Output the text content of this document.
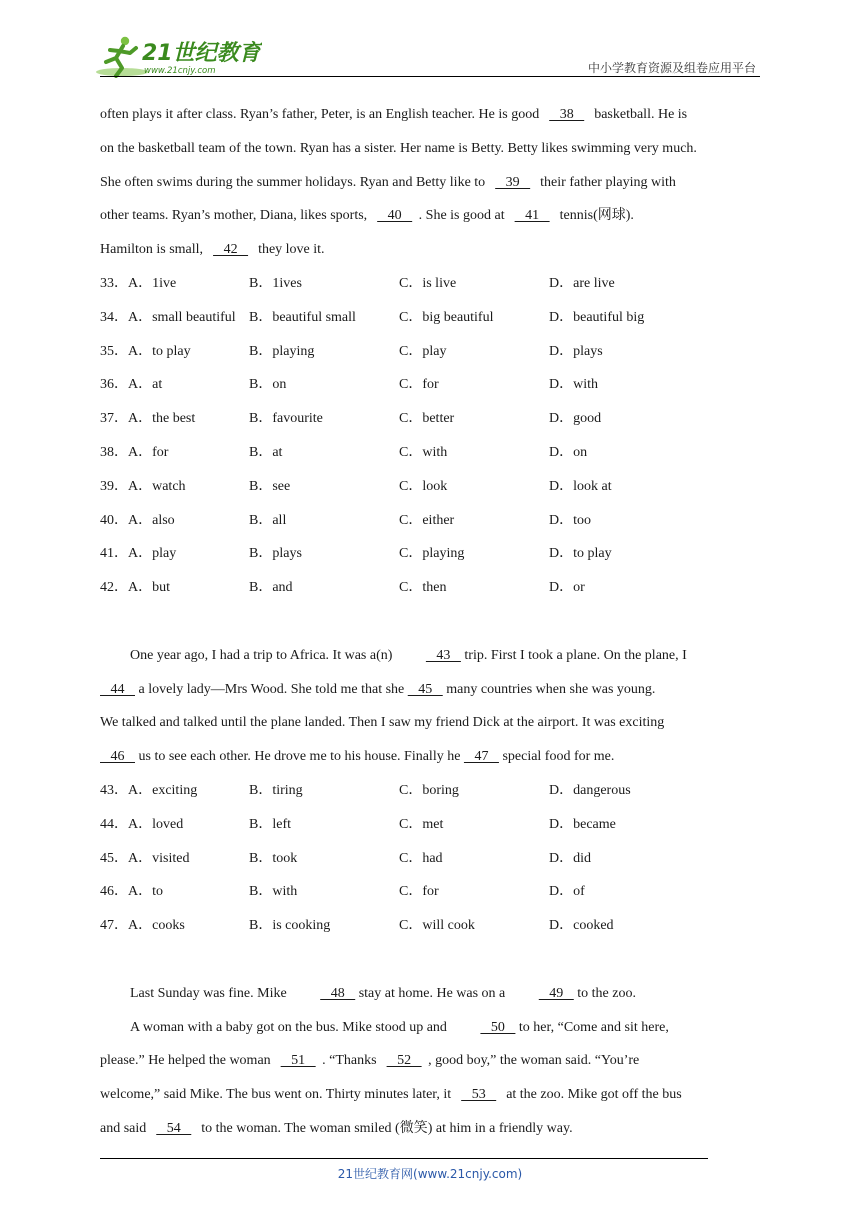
21世纪教育
www.21cnjy.com	中小学教育资源及组卷应用平台
often plays it after class. Ryan’s father, Peter, is an English teacher. He is good    38    basketball. He is
on the basketball team of the town. Ryan has a sister. Her name is Betty. Betty likes swimming very much.
She often swims during the summer holidays. Ryan and Betty like to    39    their father playing with
other teams. Ryan’s mother, Diana, likes sports,    40   . She is good at    41    tennis(网球).
Hamilton is small,    42    they love it.
33．A．1ive	B．1ives	C．is live	D．are live
34．A．small beautiful B．beautiful small	C．big beautiful	D．beautiful big
35．A．to play	B．playing	C．play	D．plays
36．A．at	B．on	C．for	D．with
37．A．the best	B．favourite	C．better	D．good
38．A．for	B．at	C．with	D．on
39．A．watch	B．see	C．look	D．look at
40．A．also	B．all	C．either	D．too
41．A．play	B．plays	C．playing	D．to play
42．A．but	B．and	C．then	D．or
One year ago, I had a trip to Africa. It was a(n)    43    trip. First I took a plane. On the plane, I
44    a lovely lady—Mrs Wood. She told me that she    45    many countries when she was young.
We talked and talked until the plane landed. Then I saw my friend Dick at the airport. It was exciting
46    us to see each other. He drove me to his house. Finally he    47    special food for me.
43．A．exciting	B．tiring	C．boring	D．dangerous
44．A．loved	B．left	C．met	D．became
45．A．visited	B．took	C．had	D．did
46．A．to	B．with	C．for	D．of
47．A．cooks	B．is cooking	C．will cook	D．cooked
Last Sunday was fine. Mike    48    stay at home. He was on a    49    to the zoo.
A woman with a baby got on the bus. Mike stood up and    50    to her, “Come and sit here,
please.” He helped the woman    51   . “Thanks    52   , good boy,” the woman said. “You’re
welcome,” said Mike. The bus went on. Thirty minutes later, it    53    at the zoo. Mike got off the bus
and said    54    to the woman. The woman smiled (微笑) at him in a friendly way.
21世纪教育网(www.21cnjy.com)
